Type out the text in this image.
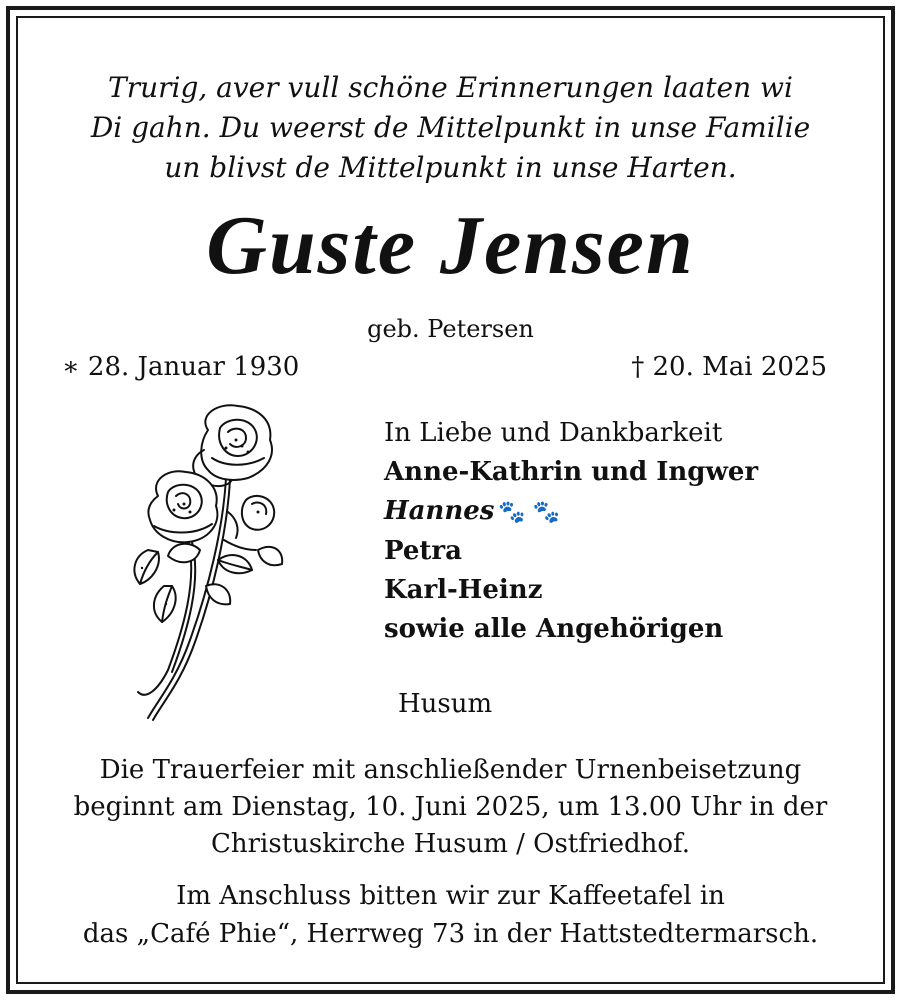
Trurig, aver vull schöne Erinnerungen laaten wi
Di gahn. Du weerst de Mittelpunkt in unse Familie
un blivst de Mittelpunkt in unse Harten.
Guste Jensen
geb. Petersen
∗ 28. Januar 1930	† 20. Mai 2025
In Liebe und Dankbarkeit
Anne-Kathrin und Ingwer
Hannes 🐾 🐾
Petra
Karl-Heinz
sowie alle Angehörigen
Husum
Die Trauerfeier mit anschließender Urnenbeisetzung
beginnt am Dienstag, 10. Juni 2025, um 13.00 Uhr in der
Christuskirche Husum / Ostfriedhof.
Im Anschluss bitten wir zur Kaffeetafel in
das „Café Phie“, Herrweg 73 in der Hattstedtermarsch.
